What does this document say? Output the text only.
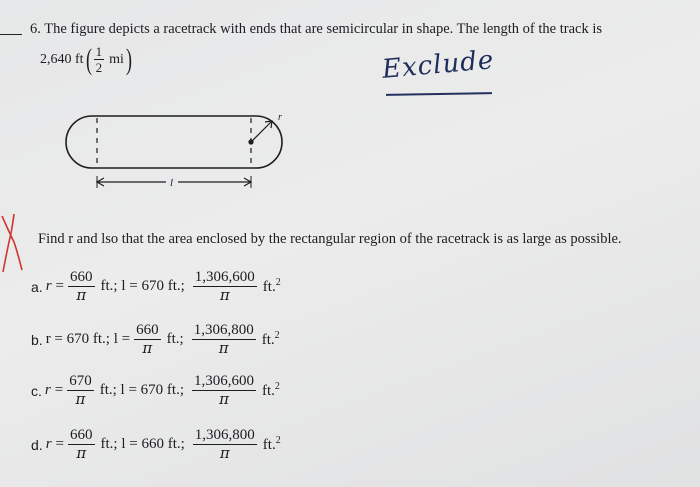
6. The figure depicts a racetrack with ends that are semicircular in shape. The length of the track is
2,640 ft ( $\frac{1}{2}$ mi )	Exclude
r
l
Find r and lso that the area enclosed by the rectangular region of the racetrack is as large as possible.
a. $r = \frac{660}{\pi}$ ft.; l = 670 ft.; $\frac{1,306,600}{\pi} ft.^2$
b. r = 670 ft.; $l = \frac{660}{\pi}$ ft.; $\frac{1,306,800}{\pi} ft.^2$
c. $r = \frac{670}{\pi}$ ft.; l = 670 ft.; $\frac{1,306,600}{\pi} ft.^2$
d. $r = \frac{660}{\pi}$ ft.; l = 660 ft.; $\frac{1,306,800}{\pi} ft.^2$
